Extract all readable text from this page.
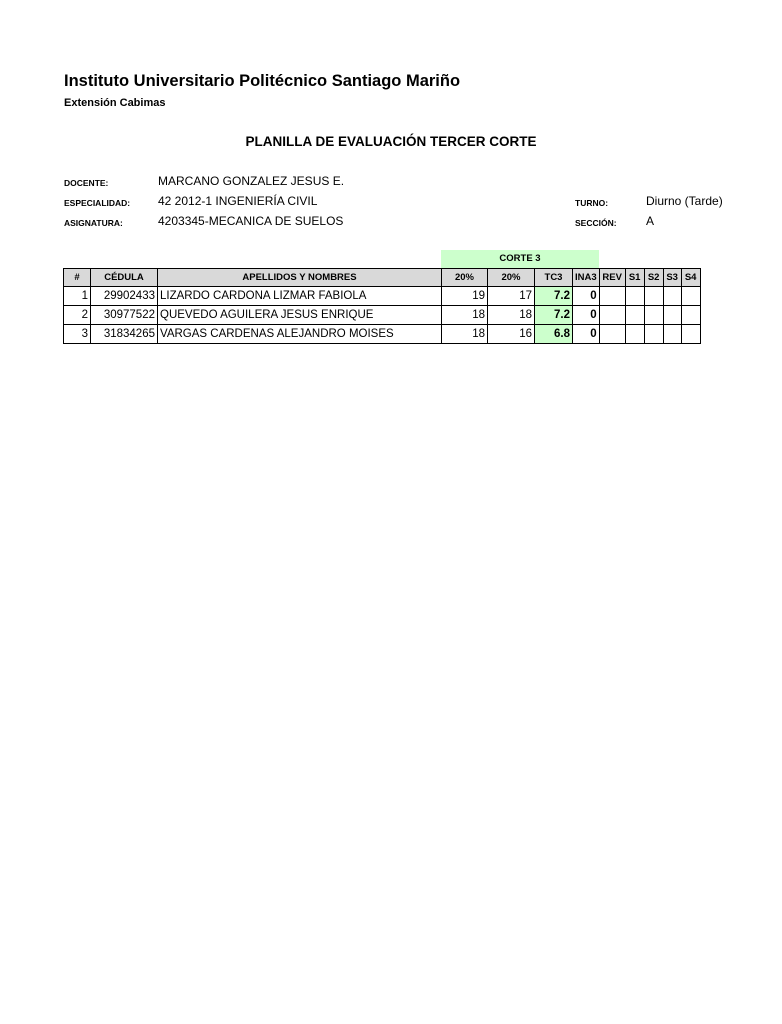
Instituto Universitario Politécnico Santiago Mariño
Extensión Cabimas
PLANILLA DE EVALUACIÓN TERCER CORTE
DOCENTE:	MARCANO GONZALEZ JESUS E.
ESPECIALIDAD: 42 2012-1 INGENIERÍA CIVIL
ASIGNATURA:	4203345-MECANICA DE SUELOS
TURNO:	Diurno (Tarde)
SECCIÓN: A
CORTE 3
#	CÉDULA	APELLIDOS Y NOMBRES	20%	20%	TC3	INA3	REV	S1	S2	S3	S4
1	29902433	LIZARDO CARDONA LIZMAR FABIOLA	19	17	7.2	0					
2	30977522	QUEVEDO AGUILERA JESUS ENRIQUE	18	18	7.2	0					
3	31834265	VARGAS CARDENAS ALEJANDRO MOISES	18	16	6.8	0					
